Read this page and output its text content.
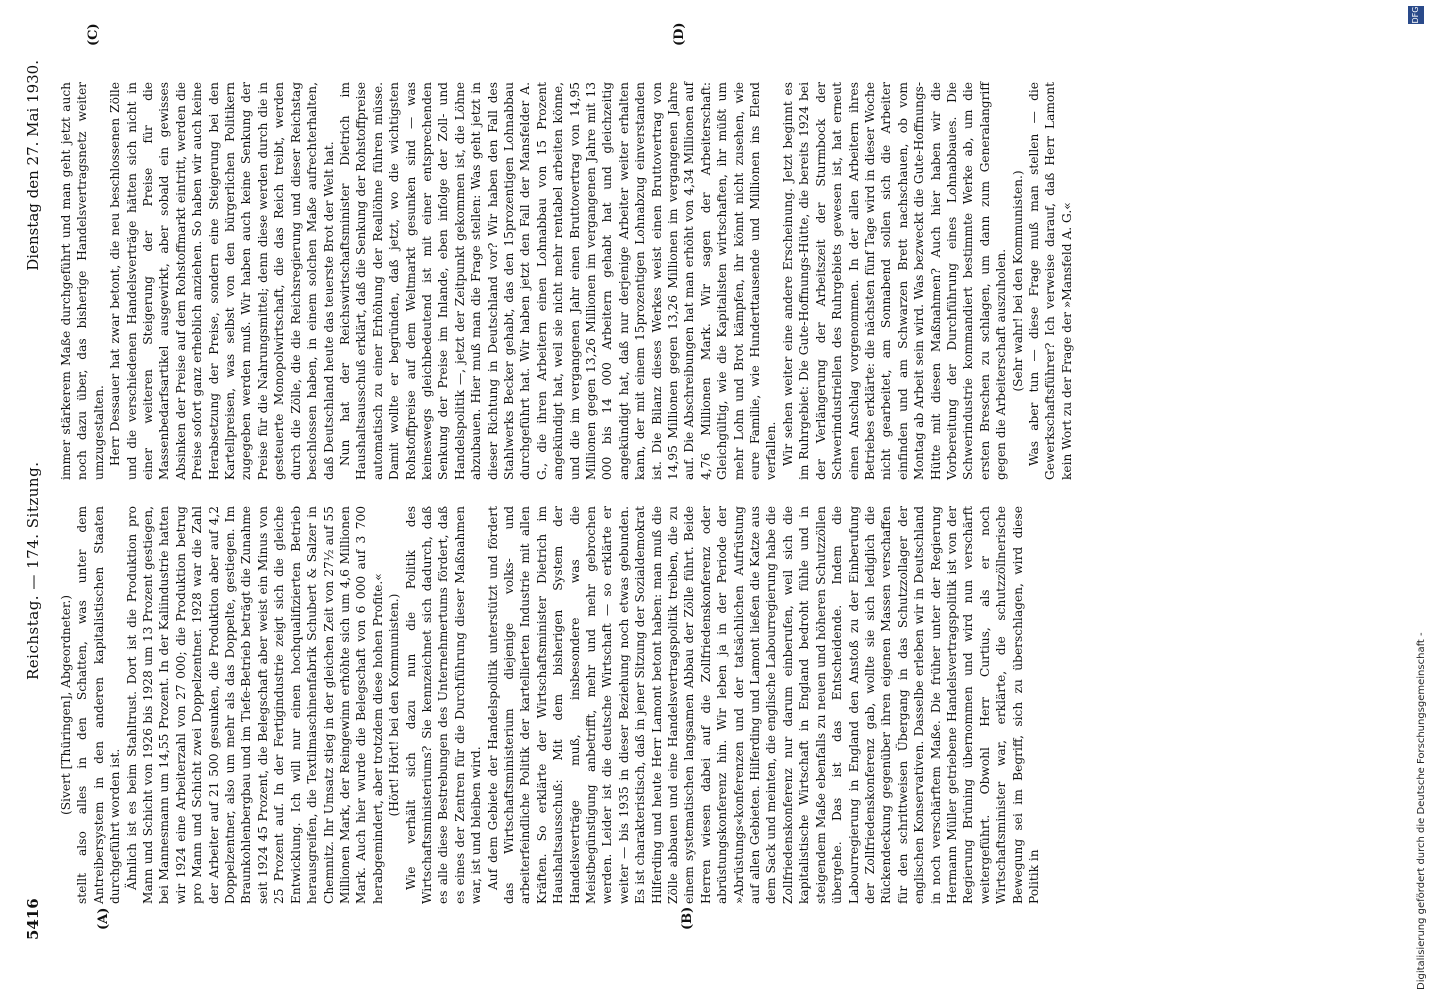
5416
Reichstag. — 174. Sitzung.
Dienstag den 27. Mai 1930.
(A)	(B)
(C)	(D)

(Sivert [Thüringen], Abgeordneter.) stellt also alles in den Schatten, was unter dem Antreibersystem in den anderen kapitalistischen Staaten durchgeführt worden ist. Ähnlich ist es beim Stahltrust. Dort ist die Produktion pro Mann und Schicht von 1926 bis 1928 um 13 Prozent gestiegen, bei Mannesmann um 14,55 Prozent. In der Kaliindustrie hatten wir 1924 eine Arbeiterzahl von 27 000; die Produktion betrug pro Mann und Schicht zwei Doppelzentner. 1928 war die Zahl der Arbeiter auf 21 500 gesunken, die Produktion aber auf 4,2 Doppelzentner, also um mehr als das Doppelte, gestiegen. Im Braunkohlenbergbau und im Tiefe-Betrieb beträgt die Zunahme seit 1924 45 Prozent, die Belegschaft aber weist ein Minus von 25 Prozent auf. In der Fertigindustrie zeigt sich die gleiche Entwicklung. Ich will nur einen hochqualifizierten Betrieb herausgreifen, die Textilmaschinenfabrik Schubert & Salzer in Chemnitz. Ihr Umsatz stieg in der gleichen Zeit von 27½ auf 55 Millionen Mark, der Reingewinn erhöhte sich um 4,6 Millionen Mark. Auch hier wurde die Belegschaft von 6 000 auf 3 700 herabgemindert, aber trotzdem diese hohen Profite.« (Hört! Hört! bei den Kommunisten.) Wie verhält sich dazu nun die Politik des Wirtschaftsministeriums? Sie kennzeichnet sich dadurch, daß es alle diese Bestrebungen des Unternehmertums fördert, daß es eines der Zentren für die Durchführung dieser Maßnahmen war, ist und bleiben wird. Auf dem Gebiete der Handelspolitik unterstützt und fördert das Wirtschaftsministerium diejenige volks- und arbeiterfeindliche Politik der kartellierten Industrie mit allen Kräften. So erklärte der Wirtschaftsminister Dietrich im Haushaltsausschuß: Mit dem bisherigen System der Handelsverträge muß, insbesondere was die Meistbegünstigung anbetrifft, mehr und mehr gebrochen werden. Leider ist die deutsche Wirtschaft — so erklärte er weiter — bis 1935 in dieser Beziehung noch etwas gebunden. Es ist charakteristisch, daß in jener Sitzung der Sozialdemokrat Hilferding und heute Herr Lamont betont haben: man muß die Zölle abbauen und eine Handelsvertragspolitik treiben, die zu einem systematischen langsamen Abbau der Zölle führt. Beide Herren wiesen dabei auf die Zollfriedenskonferenz oder abrüstungskonferenz hin. Wir leben ja in der Periode der »Abrüstungs«konferenzen und der tatsächlichen Aufrüstung auf allen Gebieten. Hilferding und Lamont ließen die Katze aus dem Sack und meinten, die englische Labourregierung habe die Zollfriedenskonferenz nur darum einberufen, weil sich die kapitalistische Wirtschaft in England bedroht fühle und in steigendem Maße ebenfalls zu neuen und höheren Schutzzöllen übergehe. Das ist das Entscheidende. Indem die Labourregierung in England den Anstoß zu der Einberufung der Zollfriedenskonferenz gab, wollte sie sich lediglich die Rückendeckung gegenüber ihren eigenen Massen verschaffen für den schrittweisen Übergang in das Schutzzollager der englischen Konservativen. Dasselbe erleben wir in Deutschland in noch verschärftem Maße. Die früher unter der Regierung Hermann Müller getriebene Handelsvertragspolitik ist von der Regierung Brüning übernommen und wird nun verschärft weitergeführt. Obwohl Herr Curtius, als er noch Wirtschaftsminister war, erklärte, die schutzzöllnerische Bewegung sei im Begriff, sich zu überschlagen, wird diese Politik in

immer stärkerem Maße durchgeführt und man geht jetzt auch noch dazu über, das bisherige Handelsvertragsnetz weiter umzugestalten. Herr Dessauer hat zwar betont, die neu beschlossenen Zölle und die verschiedenen Handelsverträge hätten sich nicht in einer weiteren Steigerung der Preise für die Massenbedarfsartikel ausgewirkt, aber sobald ein gewisses Absinken der Preise auf dem Rohstoffmarkt eintritt, werden die Preise sofort ganz erheblich anziehen. So haben wir auch keine Herabsetzung der Preise, sondern eine Steigerung bei den Kartellpreisen, was selbst von den bürgerlichen Politikern zugegeben werden muß. Wir haben auch keine Senkung der Preise für die Nahrungsmittel; denn diese werden durch die in gesteuerte Monopolwirtschaft, die das Reich treibt, werden durch die Zölle, die die Reichsregierung und dieser Reichstag beschlossen haben, in einem solchen Maße aufrechterhalten, daß Deutschland heute das teuerste Brot der Welt hat. Nun hat der Reichswirtschaftsminister Dietrich im Haushaltsausschuß erklärt, daß die Senkung der Rohstoffpreise automatisch zu einer Erhöhung der Reallöhne führen müsse. Damit wollte er begründen, daß jetzt, wo die wichtigsten Rohstoffpreise auf dem Weltmarkt gesunken sind — was keineswegs gleichbedeutend ist mit einer entsprechenden Senkung der Preise im Inlande, eben infolge der Zoll- und Handelspolitik —, jetzt der Zeitpunkt gekommen ist, die Löhne abzubauen. Hier muß man die Frage stellen: Was geht jetzt in dieser Richtung in Deutschland vor? Wir haben den Fall des Stahlwerks Becker gehabt, das den 15prozentigen Lohnabbau durchgeführt hat. Wir haben jetzt den Fall der Mansfelder A. G., die ihren Arbeitern einen Lohnabbau von 15 Prozent angekündigt hat, weil sie nicht mehr rentabel arbeiten könne, und die im vergangenen Jahr einen Bruttovertrag von 14,95 Millionen gegen 13,26 Millionen im vergangenen Jahre mit 13 000 bis 14 000 Arbeitern gehabt hat und gleichzeitig angekündigt hat, daß nur derjenige Arbeiter weiter erhalten kann, der mit einem 15prozentigen Lohnabzug einverstanden ist. Die Bilanz dieses Werkes weist einen Bruttovertrag von 14,95 Millionen gegen 13,26 Millionen im vergangenen Jahre auf. Die Abschreibungen hat man erhöht von 4,34 Millionen auf 4,76 Millionen Mark. Wir sagen der Arbeiterschaft: Gleichgültig, wie die Kapitalisten wirtschaften, ihr müßt um mehr Lohn und Brot kämpfen, ihr könnt nicht zusehen, wie eure Familie, wie Hunderttausende und Millionen ins Elend verfallen. Wir sehen weiter eine andere Erscheinung. Jetzt beginnt es im Ruhrgebiet: Die Gute-Hoffnungs-Hütte, die bereits 1924 bei der Verlängerung der Arbeitszeit der Sturmbock der Schwerindustriellen des Ruhrgebiets gewesen ist, hat erneut einen Anschlag vorgenommen. In der allen Arbeitern ihres Betriebes erklärte: die nächsten fünf Tage wird in dieser Woche nicht gearbeitet, am Sonnabend sollen sich die Arbeiter einfinden und am Schwarzen Brett nachschauen, ob vom Montag ab Arbeit sein wird. Was bezweckt die Gute-Hoffnungs-Hütte mit diesen Maßnahmen? Auch hier haben wir die Vorbereitung der Durchführung eines Lohnabbaues. Die Schwerindustrie kommandiert bestimmte Werke ab, um die ersten Breschen zu schlagen, um dann zum Generalangriff gegen die Arbeiterschaft auszuholen. (Sehr wahr! bei den Kommunisten.) Was aber tun — diese Frage muß man stellen — die Gewerkschaftsführer? Ich verweise darauf, daß Herr Lamont kein Wort zu der Frage der »Mansfeld A. G.«

Digitalisierung gefördert durch die Deutsche Forschungsgemeinschaft -
DFG
